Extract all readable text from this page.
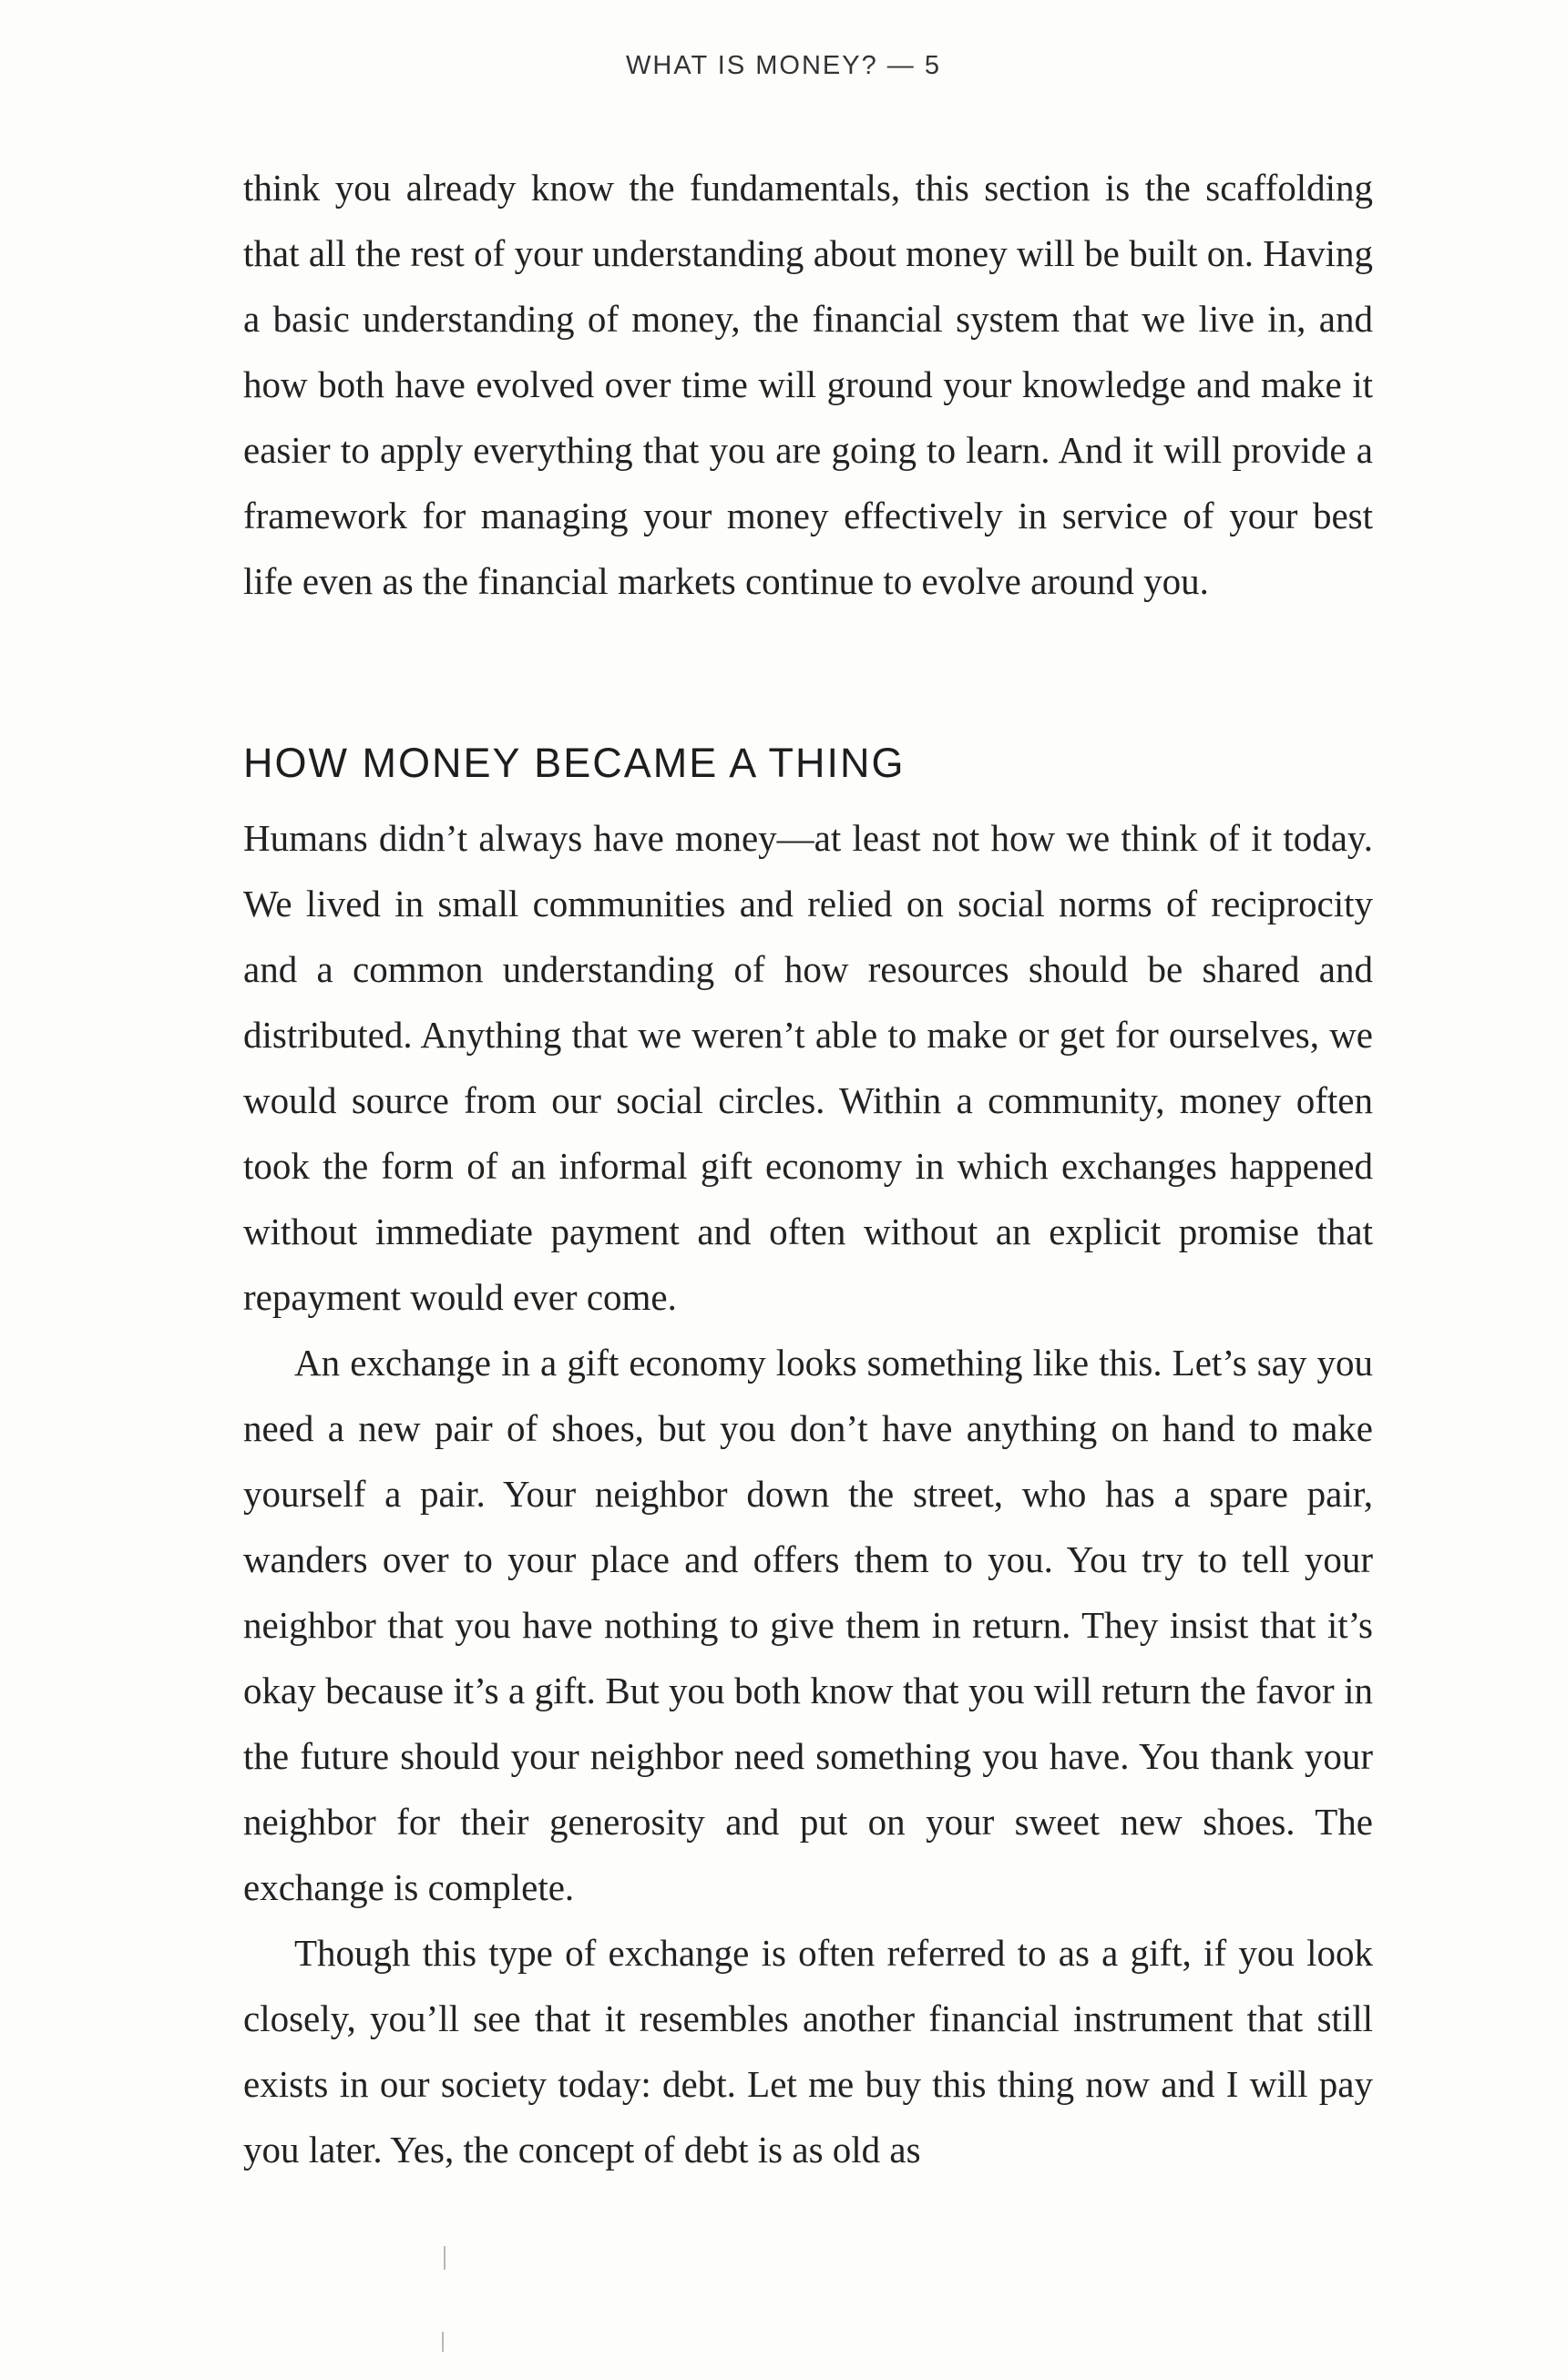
WHAT IS MONEY? — 5

think you already know the fundamentals, this section is the scaffolding that all the rest of your understanding about money will be built on. Having a basic understanding of money, the financial system that we live in, and how both have evolved over time will ground your knowledge and make it easier to apply everything that you are going to learn. And it will provide a framework for managing your money effectively in service of your best life even as the financial markets continue to evolve around you.

HOW MONEY BECAME A THING

Humans didn’t always have money—at least not how we think of it today. We lived in small communities and relied on social norms of reciprocity and a common understanding of how resources should be shared and distributed. Anything that we weren’t able to make or get for ourselves, we would source from our social circles. Within a community, money often took the form of an informal gift economy in which exchanges happened without immediate payment and often without an explicit promise that repayment would ever come.

An exchange in a gift economy looks something like this. Let’s say you need a new pair of shoes, but you don’t have anything on hand to make yourself a pair. Your neighbor down the street, who has a spare pair, wanders over to your place and offers them to you. You try to tell your neighbor that you have nothing to give them in return. They insist that it’s okay because it’s a gift. But you both know that you will return the favor in the future should your neighbor need something you have. You thank your neighbor for their generosity and put on your sweet new shoes. The exchange is complete.

Though this type of exchange is often referred to as a gift, if you look closely, you’ll see that it resembles another financial instrument that still exists in our society today: debt. Let me buy this thing now and I will pay you later. Yes, the concept of debt is as old as
